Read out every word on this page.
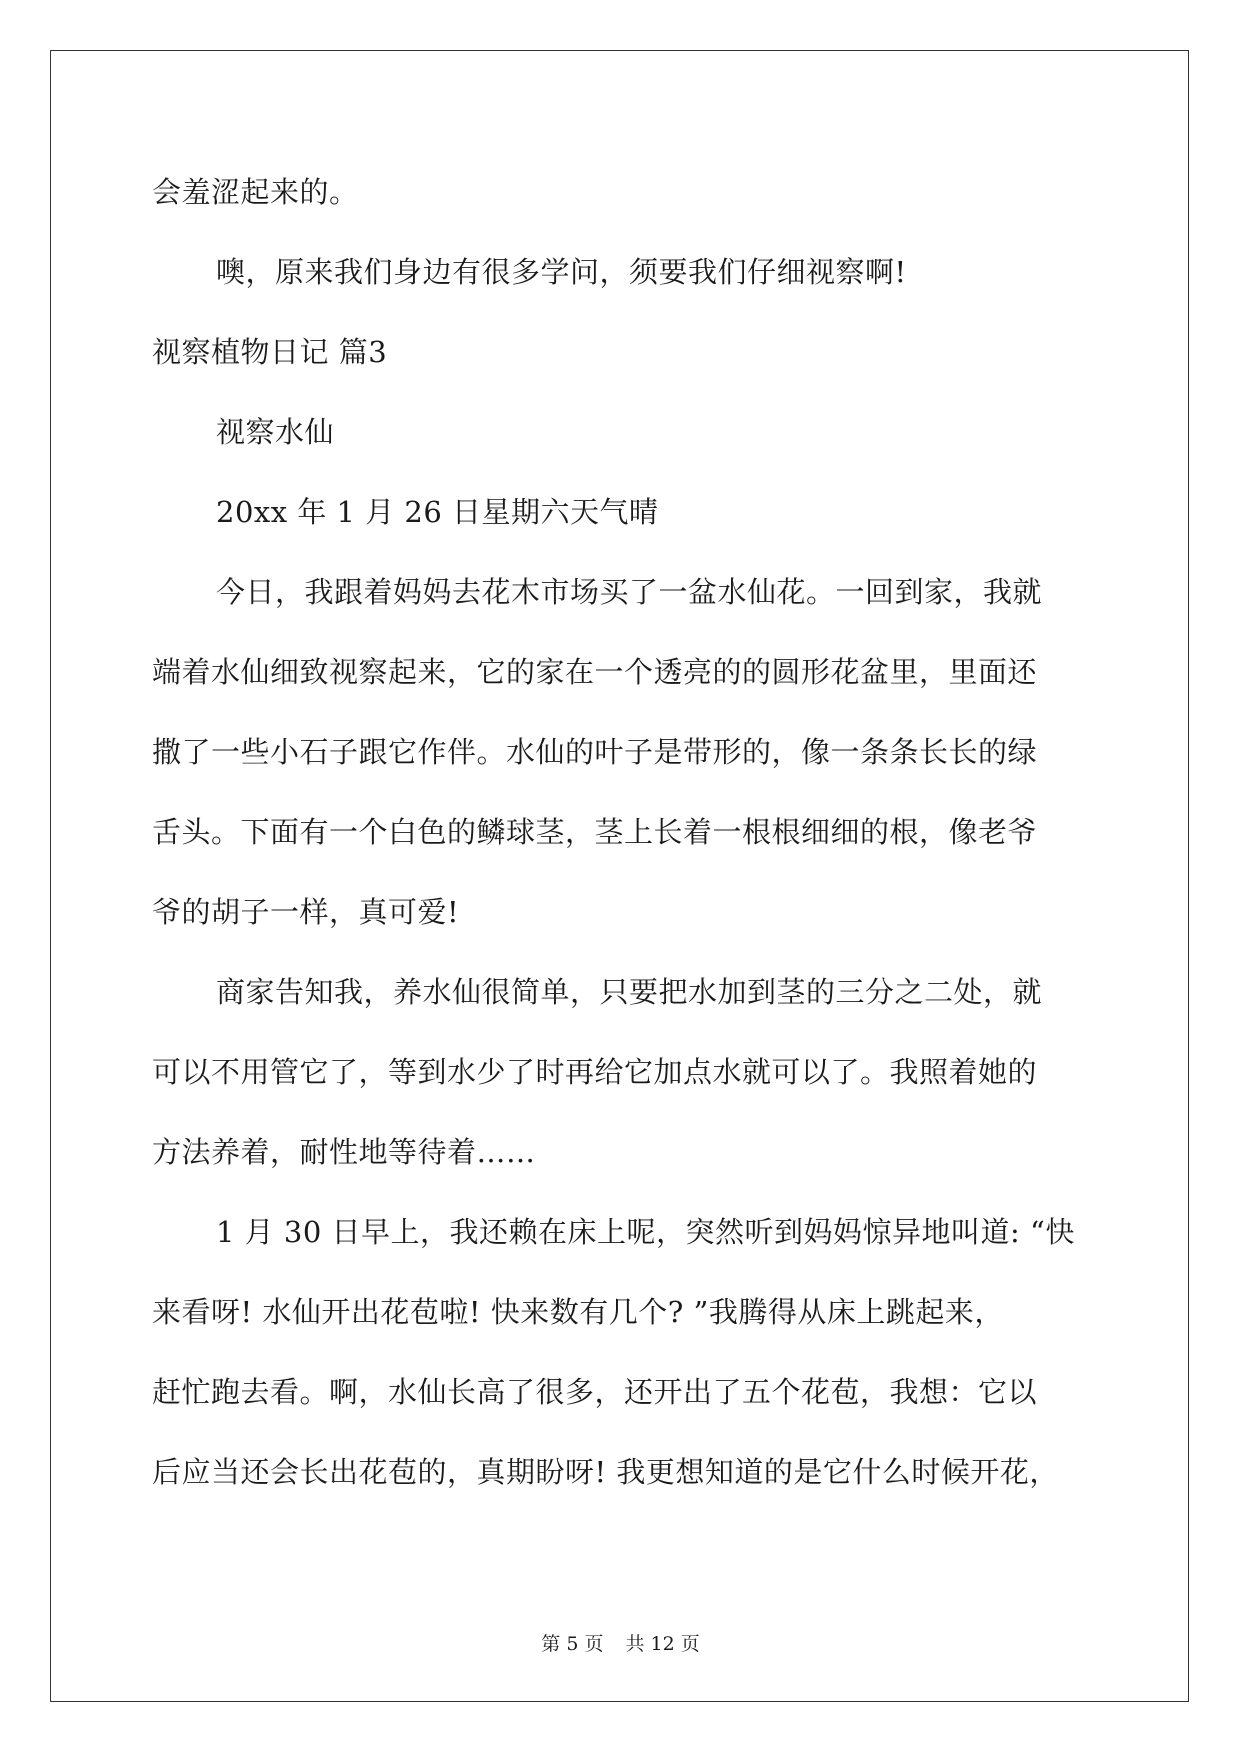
会羞涩起来的。
噢，原来我们身边有很多学问，须要我们仔细视察啊!
视察植物日记 篇3
视察水仙
20xx 年 1 月 26 日星期六天气晴
今日，我跟着妈妈去花木市场买了一盆水仙花。一回到家，我就
端着水仙细致视察起来，它的家在一个透亮的的圆形花盆里，里面还
撒了一些小石子跟它作伴。水仙的叶子是带形的，像一条条长长的绿
舌头。下面有一个白色的鳞球茎，茎上长着一根根细细的根，像老爷
爷的胡子一样，真可爱!
商家告知我，养水仙很简单，只要把水加到茎的三分之二处，就
可以不用管它了，等到水少了时再给它加点水就可以了。我照着她的
方法养着，耐性地等待着……
1 月 30 日早上，我还赖在床上呢，突然听到妈妈惊异地叫道: “快
来看呀! 水仙开出花苞啦! 快来数有几个? ”我腾得从床上跳起来，
赶忙跑去看。啊，水仙长高了很多，还开出了五个花苞，我想：它以
后应当还会长出花苞的，真期盼呀! 我更想知道的是它什么时候开花，
第 5 页 共 12 页
